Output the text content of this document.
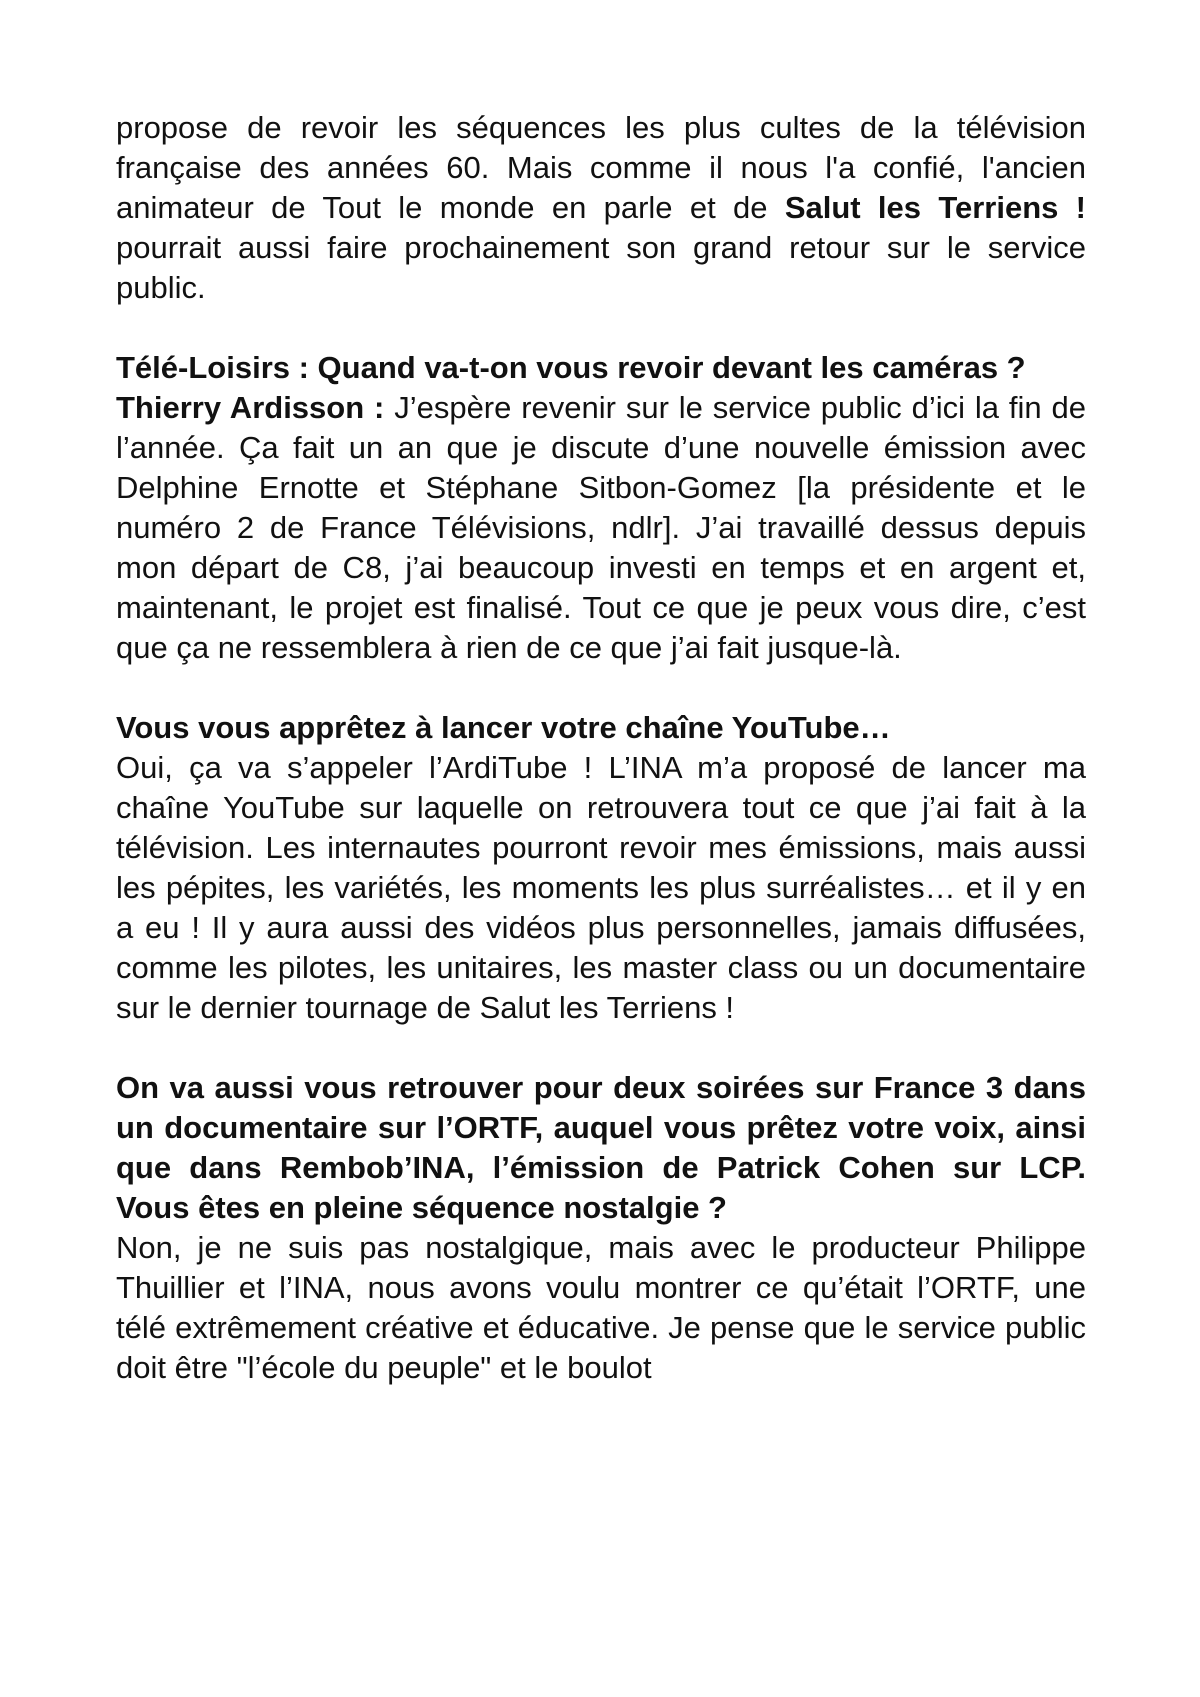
propose de revoir les séquences les plus cultes de la télévision française des années 60. Mais comme il nous l'a confié, l'ancien animateur de Tout le monde en parle et de Salut les Terriens ! pourrait aussi faire prochainement son grand retour sur le service public.

Télé-Loisirs : Quand va-t-on vous revoir devant les caméras ?

Thierry Ardisson : J’espère revenir sur le service public d’ici la fin de l’année. Ça fait un an que je discute d’une nouvelle émission avec Delphine Ernotte et Stéphane Sitbon-Gomez [la présidente et le numéro 2 de France Télévisions, ndlr]. J’ai travaillé dessus depuis mon départ de C8, j’ai beaucoup investi en temps et en argent et, maintenant, le projet est finalisé. Tout ce que je peux vous dire, c’est que ça ne ressemblera à rien de ce que j’ai fait jusque-là.

Vous vous apprêtez à lancer votre chaîne YouTube…

Oui, ça va s’appeler l’ArdiTube ! L’INA m’a proposé de lancer ma chaîne YouTube sur laquelle on retrouvera tout ce que j’ai fait à la télévision. Les internautes pourront revoir mes émissions, mais aussi les pépites, les variétés, les moments les plus surréalistes… et il y en a eu ! Il y aura aussi des vidéos plus personnelles, jamais diffusées, comme les pilotes, les unitaires, les master class ou un documentaire sur le dernier tournage de Salut les Terriens !

On va aussi vous retrouver pour deux soirées sur France 3 dans un documentaire sur l’ORTF, auquel vous prêtez votre voix, ainsi que dans Rembob’INA, l’émission de Patrick Cohen sur LCP. Vous êtes en pleine séquence nostalgie ?

Non, je ne suis pas nostalgique, mais avec le producteur Philippe Thuillier et l’INA, nous avons voulu montrer ce qu’était l’ORTF, une télé extrêmement créative et éducative. Je pense que le service public doit être "l’école du peuple" et le boulot
